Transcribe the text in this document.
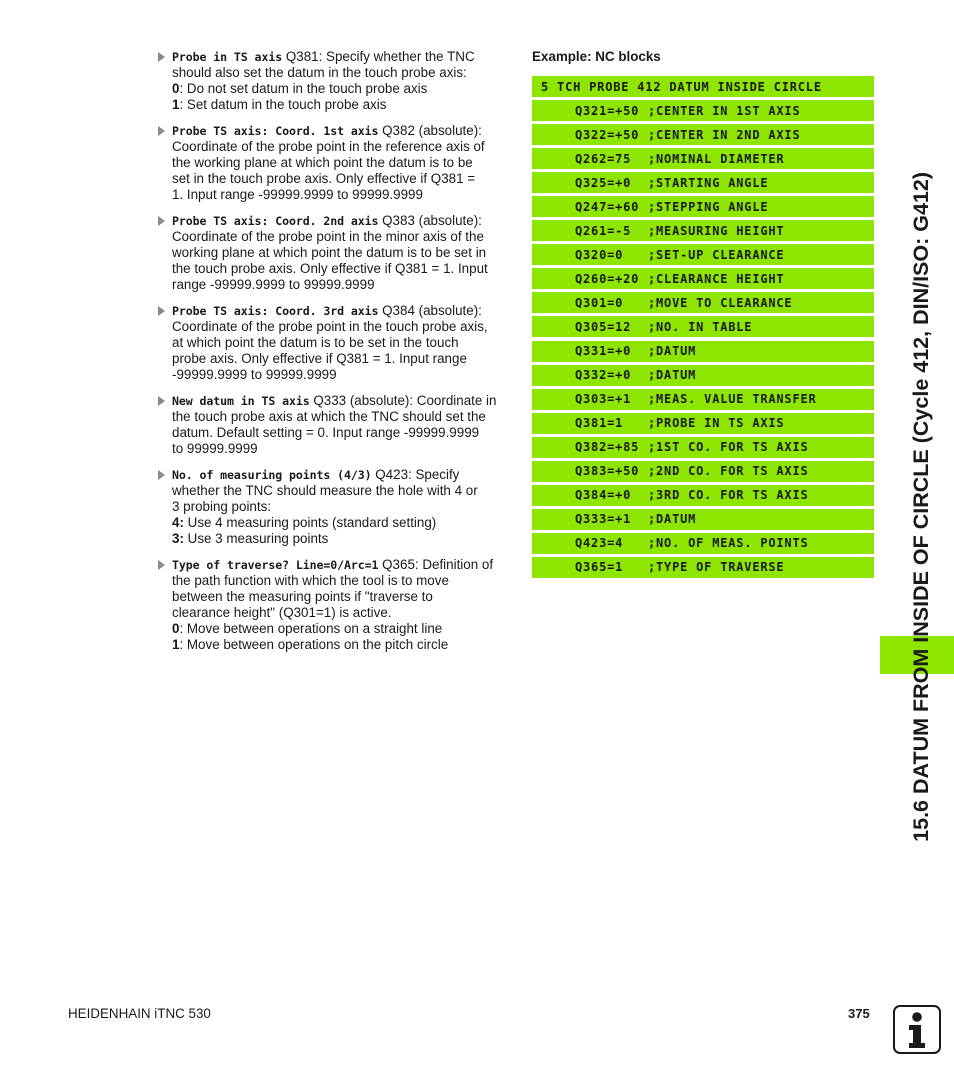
Probe in TS axis Q381: Specify whether the TNC
should also set the datum in the touch probe axis:
0: Do not set datum in the touch probe axis
1: Set datum in the touch probe axis
Probe TS axis: Coord. 1st axis Q382 (absolute):
Coordinate of the probe point in the reference axis of
the working plane at which point the datum is to be
set in the touch probe axis. Only effective if Q381 =
1. Input range -99999.9999 to 99999.9999
Probe TS axis: Coord. 2nd axis Q383 (absolute):
Coordinate of the probe point in the minor axis of the
working plane at which point the datum is to be set in
the touch probe axis. Only effective if Q381 = 1. Input
range -99999.9999 to 99999.9999
Probe TS axis: Coord. 3rd axis Q384 (absolute):
Coordinate of the probe point in the touch probe axis,
at which point the datum is to be set in the touch
probe axis. Only effective if Q381 = 1. Input range
-99999.9999 to 99999.9999
New datum in TS axis Q333 (absolute): Coordinate in
the touch probe axis at which the TNC should set the
datum. Default setting = 0. Input range -99999.9999
to 99999.9999
No. of measuring points (4/3) Q423: Specify
whether the TNC should measure the hole with 4 or
3 probing points:
4: Use 4 measuring points (standard setting)
3: Use 3 measuring points
Type of traverse? Line=0/Arc=1 Q365: Definition of
the path function with which the tool is to move
between the measuring points if "traverse to
clearance height" (Q301=1) is active.
0: Move between operations on a straight line
1: Move between operations on the pitch circle
Example: NC blocks
5 TCH PROBE 412 DATUM INSIDE CIRCLE
Q321=+50 ;CENTER IN 1ST AXIS
Q322=+50 ;CENTER IN 2ND AXIS
Q262=75	;NOMINAL DIAMETER
Q325=+0	;STARTING ANGLE
Q247=+60 ;STEPPING ANGLE
Q261=-5	;MEASURING HEIGHT
Q320=0	;SET-UP CLEARANCE
Q260=+20 ;CLEARANCE HEIGHT
Q301=0	;MOVE TO CLEARANCE
Q305=12	;NO. IN TABLE
Q331=+0	;DATUM
Q332=+0	;DATUM
Q303=+1	;MEAS. VALUE TRANSFER
Q381=1	;PROBE IN TS AXIS
Q382=+85 ;1ST CO. FOR TS AXIS
Q383=+50 ;2ND CO. FOR TS AXIS
Q384=+0	;3RD CO. FOR TS AXIS
Q333=+1	;DATUM
Q423=4	;NO. OF MEAS. POINTS
Q365=1	;TYPE OF TRAVERSE	15.6 DATUM FROM INSIDE OF CIRCLE (Cycle 412, DIN/ISO: G412)
HEIDENHAIN iTNC 530	375
